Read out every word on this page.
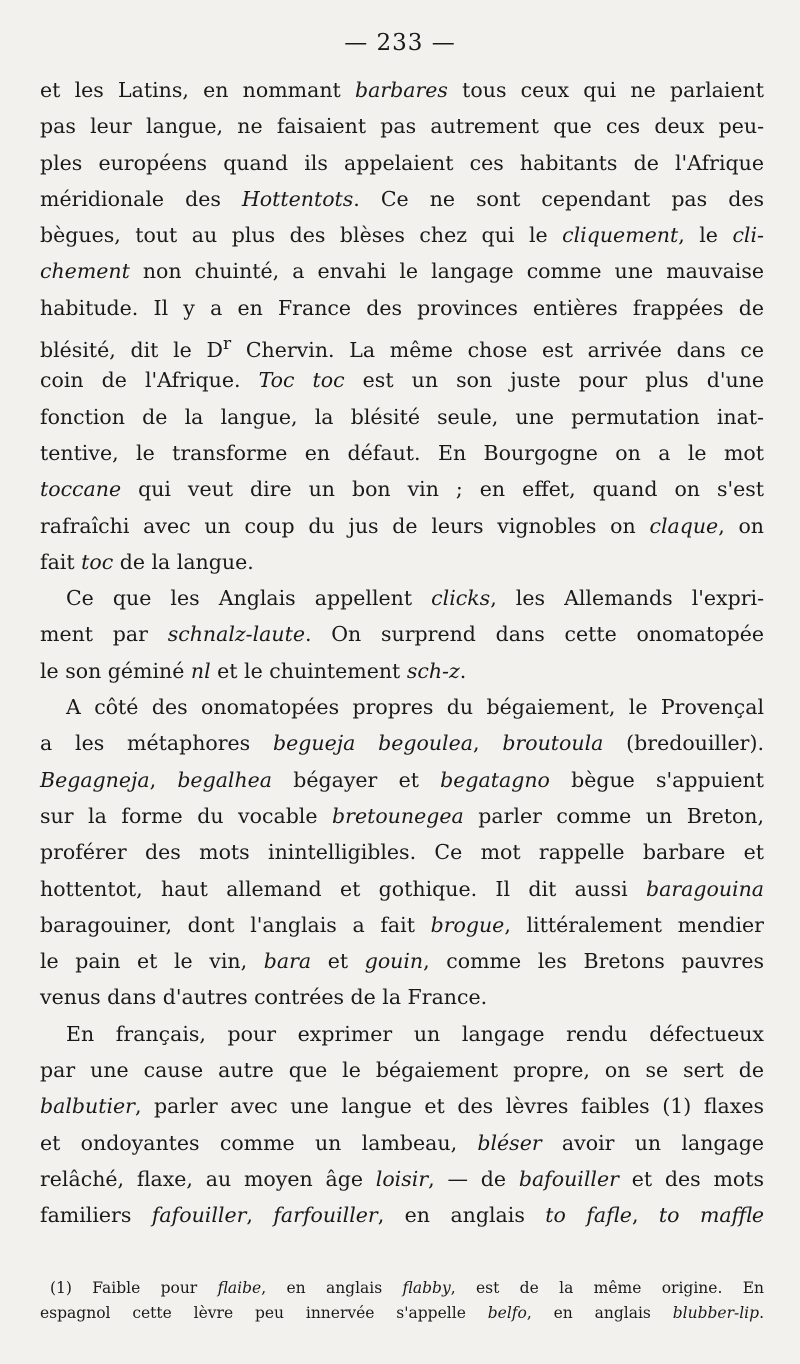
— 233 —
et les Latins, en nommant barbares tous ceux qui ne parlaient
pas leur langue, ne faisaient pas autrement que ces deux peu-
ples européens quand ils appelaient ces habitants de l'Afrique
méridionale des Hottentots. Ce ne sont cependant pas des
bègues, tout au plus des blèses chez qui le cliquement, le cli-
chement non chuinté, a envahi le langage comme une mauvaise
habitude. Il y a en France des provinces entières frappées de
blésité, dit le $D^r$ Chervin. La même chose est arrivée dans ce
coin de l'Afrique. Toc toc est un son juste pour plus d'une
fonction de la langue, la blésité seule, une permutation inat-
tentive, le transforme en défaut. En Bourgogne on a le mot
toccane qui veut dire un bon vin ; en effet, quand on s'est
rafraîchi avec un coup du jus de leurs vignobles on claque, on
fait toc de la langue.
Ce que les Anglais appellent clicks, les Allemands l'expri-
ment par schnalz-laute. On surprend dans cette onomatopée
le son géminé nl et le chuintement sch-z.
A côté des onomatopées propres du bégaiement, le Provençal
a les métaphores begueja begoulea, broutoula (bredouiller).
Begagneja, begalhea bégayer et begatagno bègue s'appuient
sur la forme du vocable bretounegea parler comme un Breton,
proférer des mots inintelligibles. Ce mot rappelle barbare et
hottentot, haut allemand et gothique. Il dit aussi baragouina
baragouiner, dont l'anglais a fait brogue, littéralement mendier
le pain et le vin, bara et gouin, comme les Bretons pauvres
venus dans d'autres contrées de la France.
En français, pour exprimer un langage rendu défectueux
par une cause autre que le bégaiement propre, on se sert de
balbutier, parler avec une langue et des lèvres faibles (1) flaxes
et ondoyantes comme un lambeau, bléser avoir un langage
relâché, flaxe, au moyen âge loisir, — de bafouiller et des mots
familiers fafouiller, farfouiller, en anglais to fafle, to maffle
(1) Faible pour flaibe, en anglais flabby, est de la même origine. En
espagnol cette lèvre peu innervée s'appelle belfo, en anglais blubber-lip.
